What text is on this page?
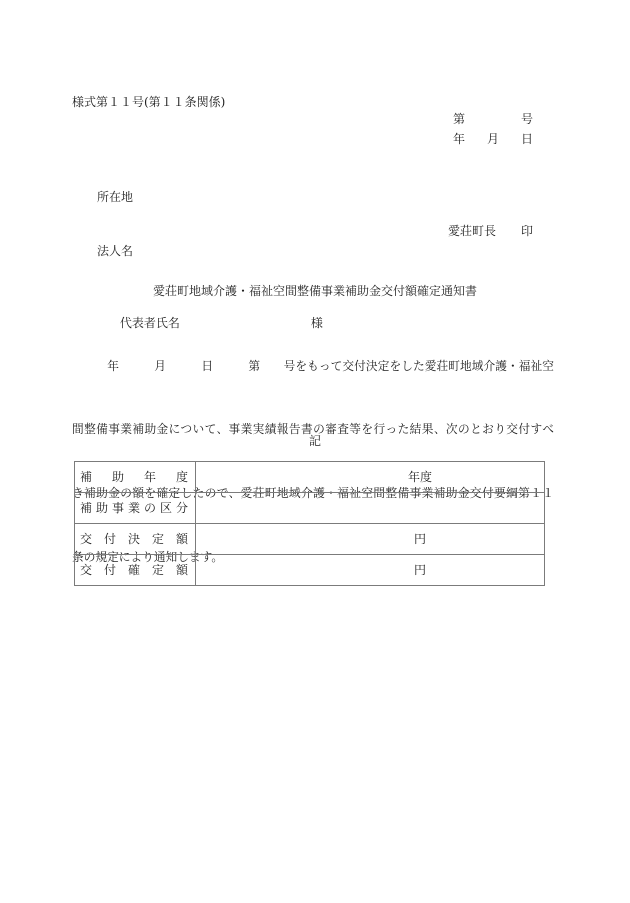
様式第１１号(第１１条関係)
第	号
年 月 日

所在地

法人名

代表者氏名	様

愛荘町長 印
愛荘町地域介護・福祉空間整備事業補助金交付額確定通知書

　　　年　　　月　　　日　　　第　　号をもって交付決定をした愛荘町地域介護・福祉空

間整備事業補助金について、事業実績報告書の審査等を行った結果、次のとおり交付すべ

き補助金の額を確定したので、愛荘町地域介護・福祉空間整備事業補助金交付要綱第１１

条の規定により通知します。

記
補助年度	年度
補助事業の区分	
交付決定額	円
交付確定額	円
